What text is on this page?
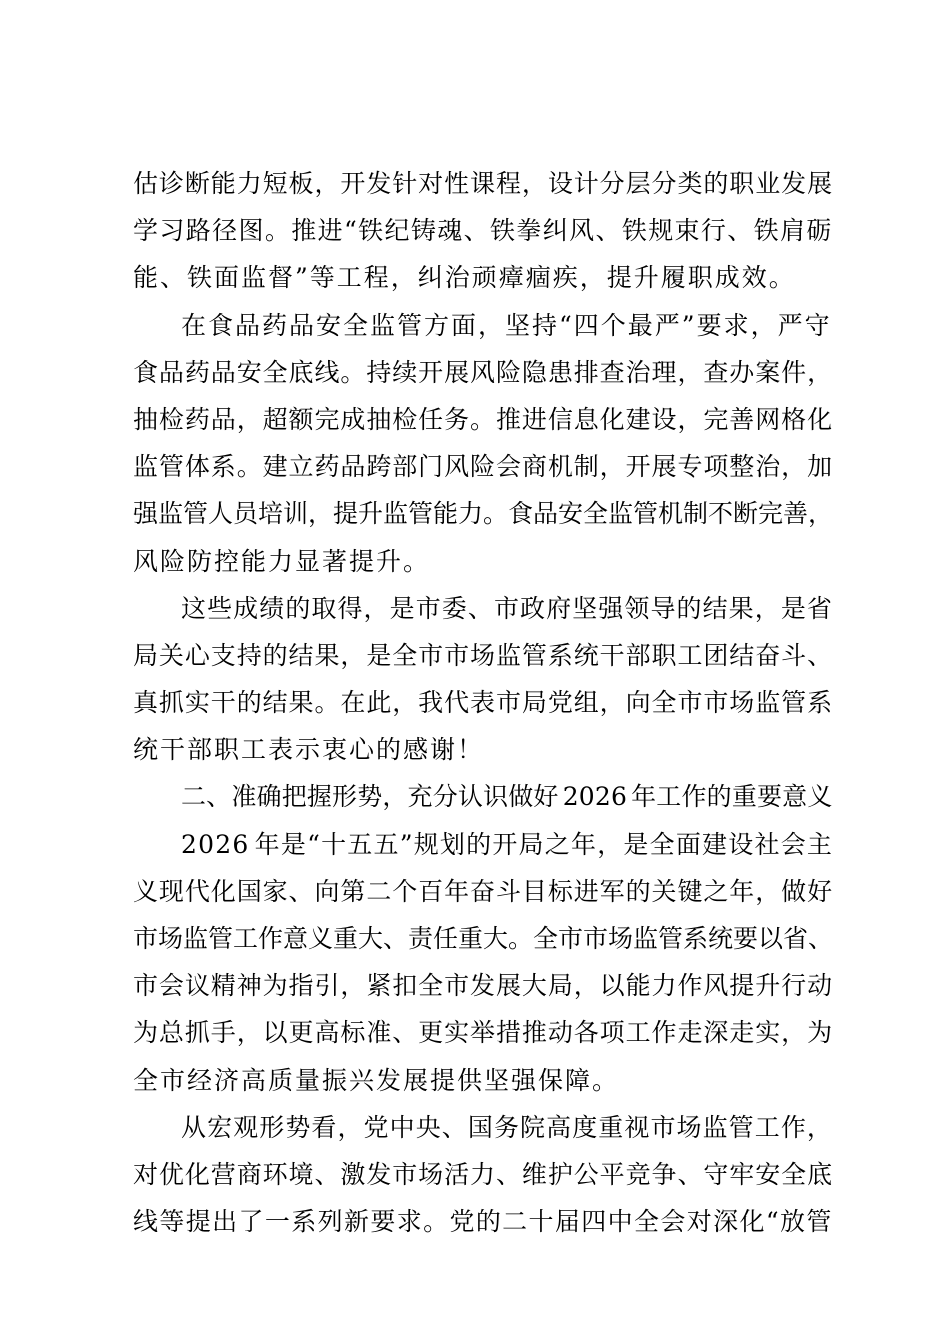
估诊断能力短板，开发针对性课程，设计分层分类的职业发展
学习路径图。推进“铁纪铸魂、铁拳纠风、铁规束行、铁肩砺
能、铁面监督”等工程，纠治顽瘴痼疾，提升履职成效。
在食品药品安全监管方面，坚持“四个最严”要求，严守
食品药品安全底线。持续开展风险隐患排查治理，查办案件，
抽检药品，超额完成抽检任务。推进信息化建设，完善网格化
监管体系。建立药品跨部门风险会商机制，开展专项整治，加
强监管人员培训，提升监管能力。食品安全监管机制不断完善，
风险防控能力显著提升。
这些成绩的取得，是市委、市政府坚强领导的结果，是省
局关心支持的结果，是全市市场监管系统干部职工团结奋斗、
真抓实干的结果。在此，我代表市局党组，向全市市场监管系
统干部职工表示衷心的感谢！
二、准确把握形势，充分认识做好 2026 年工作的重要意义
2026 年是“十五五”规划的开局之年，是全面建设社会主
义现代化国家、向第二个百年奋斗目标进军的关键之年，做好
市场监管工作意义重大、责任重大。全市市场监管系统要以省、
市会议精神为指引，紧扣全市发展大局，以能力作风提升行动
为总抓手，以更高标准、更实举措推动各项工作走深走实，为
全市经济高质量振兴发展提供坚强保障。
从宏观形势看，党中央、国务院高度重视市场监管工作，
对优化营商环境、激发市场活力、维护公平竞争、守牢安全底
线等提出了一系列新要求。党的二十届四中全会对深化“放管
